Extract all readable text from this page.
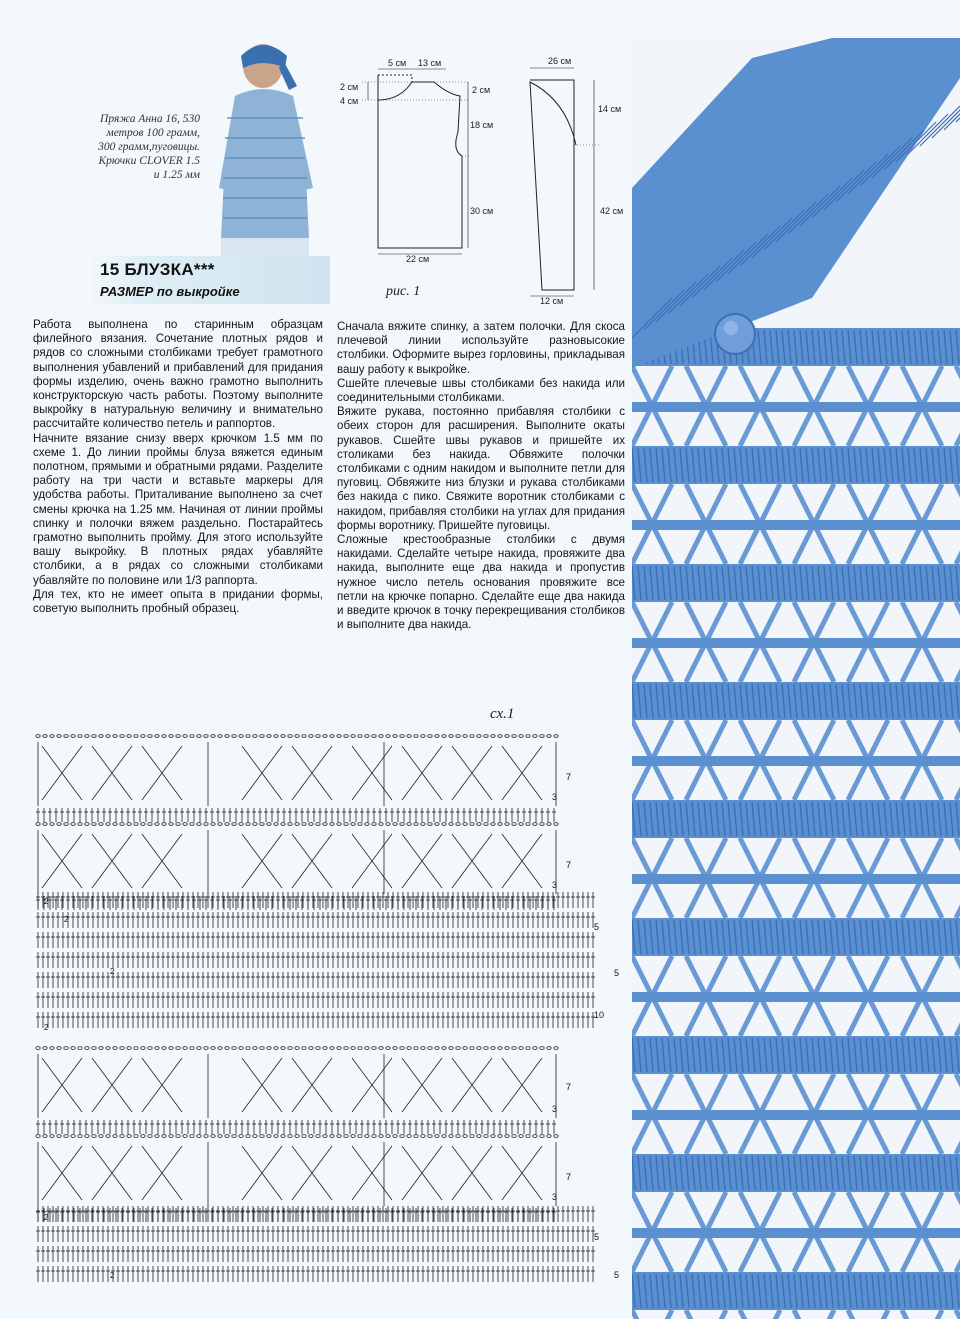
Пряжа Анна 16, 530
метров 100 грамм,
300 грамм,пуговицы.
Крючки CLOVER 1.5
и 1.25 мм
15 БЛУЗКА***
РАЗМЕР по выкройке
5 см 13 см
2 см
4 см
2 см
18 см
30 см
22 см
26 см
14 см
42 см
12 см
рис. 1

Работа выполнена по старинным образцам филейного вязания. Сочетание плотных рядов и рядов со сложными столбиками требует грамотного выполнения убавлений и прибавлений для придания формы изделию, очень важно грамотно выполнить конструкторскую часть работы. Поэтому выполните выкройку в натуральную величину и внимательно рассчитайте количество петель и раппортов.

Начните вязание снизу вверх крючком 1.5 мм по схеме 1. До линии проймы блуза вяжется единым полотном, прямыми и обратными рядами. Разделите работу на три части и вставьте маркеры для удобства работы. Приталивание выполнено за счет смены крючка на 1.25 мм. Начиная от линии проймы спинку и полочки вяжем раздельно. Постарайтесь грамотно выполнить пройму. Для этого используйте вашу выкройку. В плотных рядах убавляйте столбики, а в рядах со сложными столбиками убавляйте по половине или 1/3 раппорта.

Для тех, кто не имеет опыта в придании формы, советую выполнить пробный образец.

Сначала вяжите спинку, а затем полочки. Для скоса плечевой линии используйте разновысокие столбики. Оформите вырез горловины, прикладывая вашу работу к выкройке.

Сшейте плечевые швы столбиками без накида или соединительными столбиками.

Вяжите рукава, постоянно прибавляя столбики с обеих сторон для расширения. Выполните окаты рукавов. Сшейте швы рукавов и пришейте их столиками без накида. Обвяжите полочки столбиками с одним накидом и выполните петли для пуговиц. Обвяжите низ блузки и рукава столбиками без накида с пико. Свяжите воротник столбиками с накидом, прибавляя столбики на углах для придания формы воротнику. Пришейте пуговицы.

Сложные крестообразные столбики с двумя накидами. Сделайте четыре накида, провяжите два накида, выполните еще два накида и пропустив нужное число петель основания провяжите все петли на крючке попарно. Сделайте еще два накида и введите крючок в точку перекрещивания столбиков и выполните два накида.

сх.1
7
3
7
3
5
5
10
7
3
7
3
5
5
2
2
2
2
2
2
